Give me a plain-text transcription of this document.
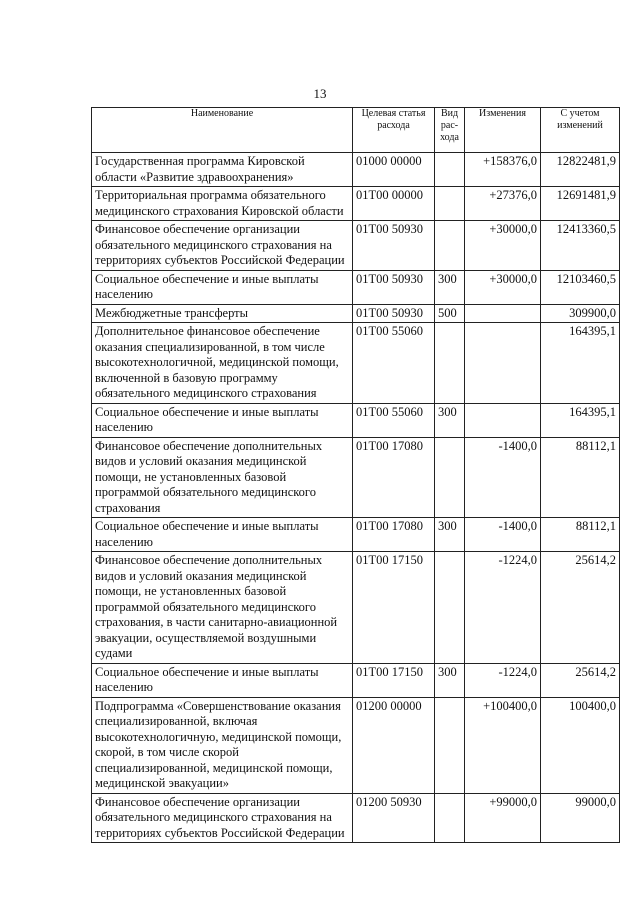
13
Наименование	Целевая статья расхода	Вид рас-хода	Изменения	С учетом изменений
Государственная программа Кировской области «Развитие здравоохранения»	01000 00000		+158376,0	12822481,9
Территориальная программа обязательного медицинского страхования Кировской области	01Т00 00000		+27376,0	12691481,9
Финансовое обеспечение организации обязательного медицинского страхования на территориях субъектов Российской Федерации	01Т00 50930		+30000,0	12413360,5
Социальное обеспечение и иные выплаты населению	01Т00 50930	300	+30000,0	12103460,5
Межбюджетные трансферты	01Т00 50930	500		309900,0
Дополнительное финансовое обеспечение оказания специализированной, в том числе высокотехнологичной, медицинской помощи, включенной в базовую программу обязательного медицинского страхования	01Т00 55060			164395,1
Социальное обеспечение и иные выплаты населению	01Т00 55060	300		164395,1
Финансовое обеспечение дополнительных видов и условий оказания медицинской помощи, не установленных базовой программой обязательного медицинского страхования	01Т00 17080		-1400,0	88112,1
Социальное обеспечение и иные выплаты населению	01Т00 17080	300	-1400,0	88112,1
Финансовое обеспечение дополнительных видов и условий оказания медицинской помощи, не установленных базовой программой обязательного медицинского страхования, в части санитарно-авиационной эвакуации, осуществляемой воздушными судами	01Т00 17150		-1224,0	25614,2
Социальное обеспечение и иные выплаты населению	01Т00 17150	300	-1224,0	25614,2
Подпрограмма «Совершенствование оказания специализированной, включая высокотехнологичную, медицинской помощи, скорой, в том числе скорой специализированной, медицинской помощи, медицинской эвакуации»	01200 00000		+100400,0	100400,0
Финансовое обеспечение организации обязательного медицинского страхования на территориях субъектов Российской Федерации	01200 50930		+99000,0	99000,0
